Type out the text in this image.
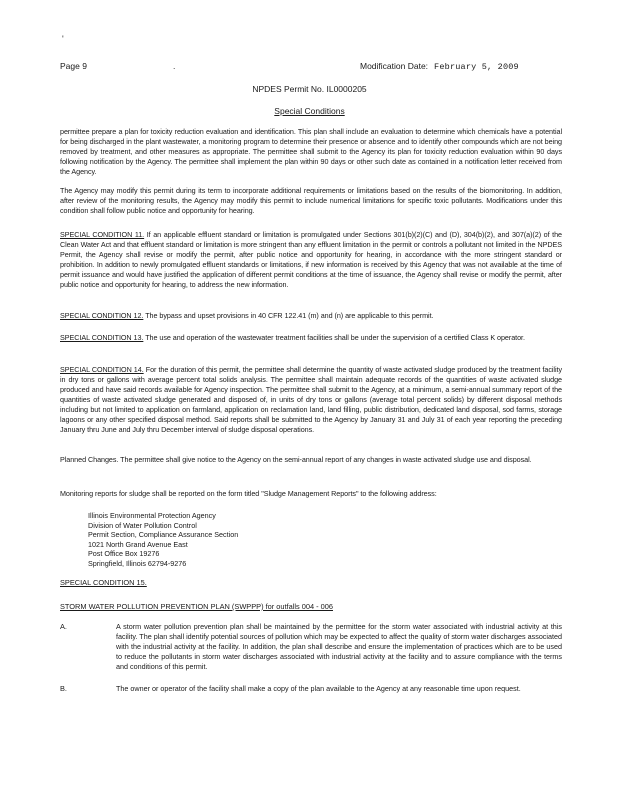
'
Page 9	.	Modification Date: February 5, 2009
NPDES Permit No. IL0000205
Special Conditions
permittee prepare a plan for toxicity reduction evaluation and identification. This plan shall include an evaluation to determine which chemicals have a potential for being discharged in the plant wastewater, a monitoring program to determine their presence or absence and to identify other compounds which are not being removed by treatment, and other measures as appropriate. The permittee shall submit to the Agency its plan for toxicity reduction evaluation within 90 days following notification by the Agency. The permittee shall implement the plan within 90 days or other such date as contained in a notification letter received from the Agency.
The Agency may modify this permit during its term to incorporate additional requirements or limitations based on the results of the biomonitoring. In addition, after review of the monitoring results, the Agency may modify this permit to include numerical limitations for specific toxic pollutants. Modifications under this condition shall follow public notice and opportunity for hearing.
SPECIAL CONDITION 11. If an applicable effluent standard or limitation is promulgated under Sections 301(b)(2)(C) and (D), 304(b)(2), and 307(a)(2) of the Clean Water Act and that effluent standard or limitation is more stringent than any effluent limitation in the permit or controls a pollutant not limited in the NPDES Permit, the Agency shall revise or modify the permit, after public notice and opportunity for hearing, in accordance with the more stringent standard or prohibition. In addition to newly promulgated effluent standards or limitations, if new information is received by this Agency that was not available at the time of permit issuance and would have justified the application of different permit conditions at the time of issuance, the Agency shall revise or modify the permit, after public notice and opportunity for hearing, to address the new information.
SPECIAL CONDITION 12. The bypass and upset provisions in 40 CFR 122.41 (m) and (n) are applicable to this permit.
SPECIAL CONDITION 13. The use and operation of the wastewater treatment facilities shall be under the supervision of a certified Class K operator.
SPECIAL CONDITION 14. For the duration of this permit, the permittee shall determine the quantity of waste activated sludge produced by the treatment facility in dry tons or gallons with average percent total solids analysis. The permittee shall maintain adequate records of the quantities of waste activated sludge produced and have said records available for Agency inspection. The permittee shall submit to the Agency, at a minimum, a semi-annual summary report of the quantities of waste activated sludge generated and disposed of, in units of dry tons or gallons (average total percent solids) by different disposal methods including but not limited to application on farmland, application on reclamation land, land filling, public distribution, dedicated land disposal, sod farms, storage lagoons or any other specified disposal method. Said reports shall be submitted to the Agency by January 31 and July 31 of each year reporting the preceding January thru June and July thru December interval of sludge disposal operations.
Planned Changes. The permittee shall give notice to the Agency on the semi-annual report of any changes in waste activated sludge use and disposal.
Monitoring reports for sludge shall be reported on the form titled "Sludge Management Reports" to the following address:
Illinois Environmental Protection Agency
Division of Water Pollution Control
Permit Section, Compliance Assurance Section
1021 North Grand Avenue East
Post Office Box 19276
Springfield, Illinois 62794-9276
SPECIAL CONDITION 15.
STORM WATER POLLUTION PREVENTION PLAN (SWPPP) for outfalls 004 - 006
A.	A storm water pollution prevention plan shall be maintained by the permittee for the storm water associated with industrial activity at this facility. The plan shall identify potential sources of pollution which may be expected to affect the quality of storm water discharges associated with the industrial activity at the facility. In addition, the plan shall describe and ensure the implementation of practices which are to be used to reduce the pollutants in storm water discharges associated with industrial activity at the facility and to assure compliance with the terms and conditions of this permit.
B.	The owner or operator of the facility shall make a copy of the plan available to the Agency at any reasonable time upon request.
